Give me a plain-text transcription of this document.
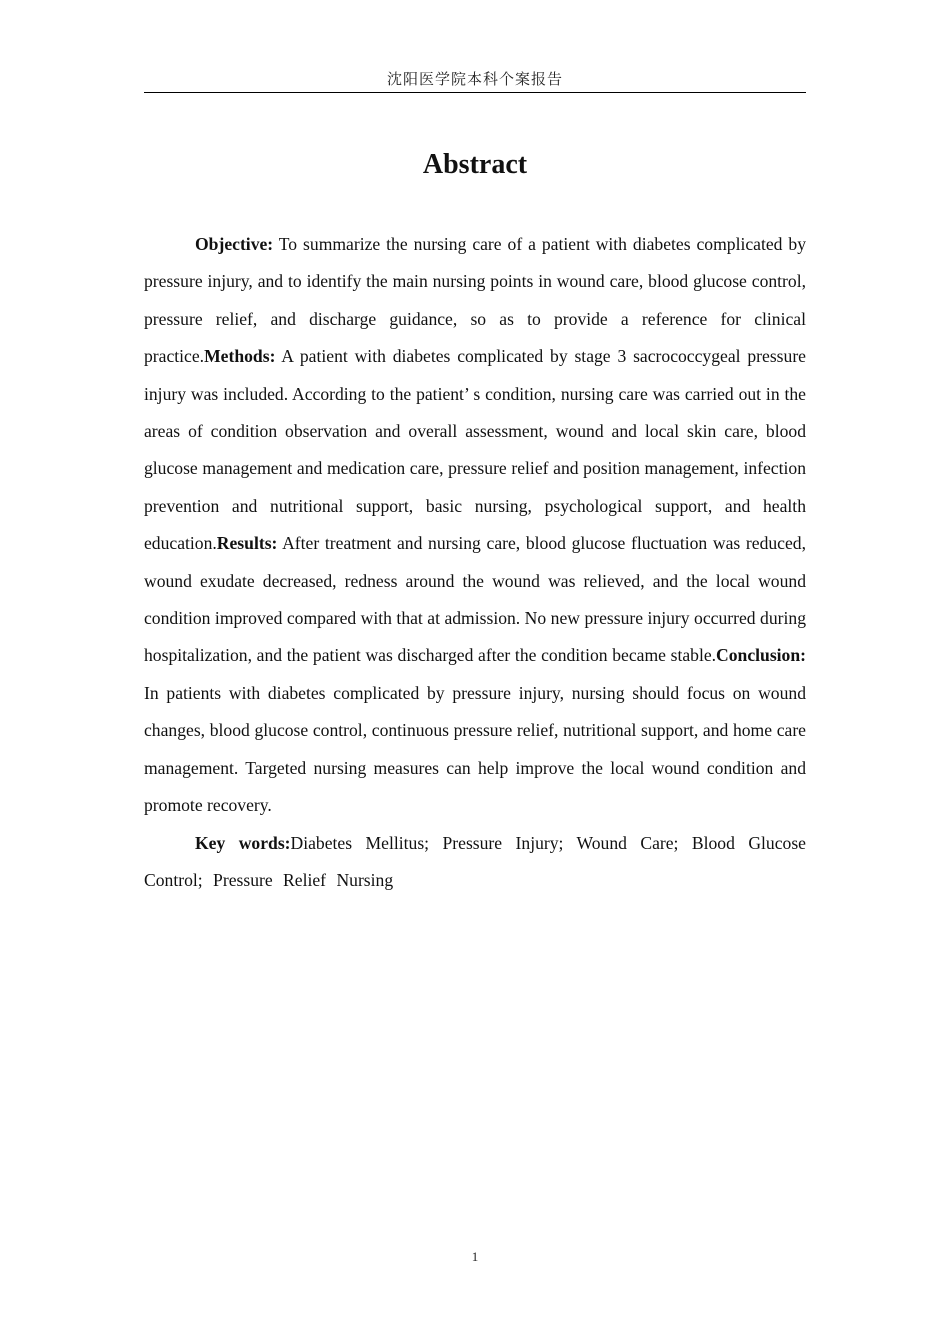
沈阳医学院本科个案报告
Abstract

Objective: To summarize the nursing care of a patient with diabetes complicated by pressure injury, and to identify the main nursing points in wound care, blood glucose control, pressure relief, and discharge guidance, so as to provide a reference for clinical practice.Methods: A patient with diabetes complicated by stage 3 sacrococcygeal pressure injury was included. According to the patient’ s condition, nursing care was carried out in the areas of condition observation and overall assessment, wound and local skin care, blood glucose management and medication care, pressure relief and position management, infection prevention and nutritional support, basic nursing, psychological support, and health education.Results: After treatment and nursing care, blood glucose fluctuation was reduced, wound exudate decreased, redness around the wound was relieved, and the local wound condition improved compared with that at admission. No new pressure injury occurred during hospitalization, and the patient was discharged after the condition became stable.Conclusion: In patients with diabetes complicated by pressure injury, nursing should focus on wound changes, blood glucose control, continuous pressure relief, nutritional support, and home care management. Targeted nursing measures can help improve the local wound condition and promote recovery.

Key words:Diabetes Mellitus; Pressure Injury; Wound Care; Blood Glucose Control; Pressure Relief Nursing

1
